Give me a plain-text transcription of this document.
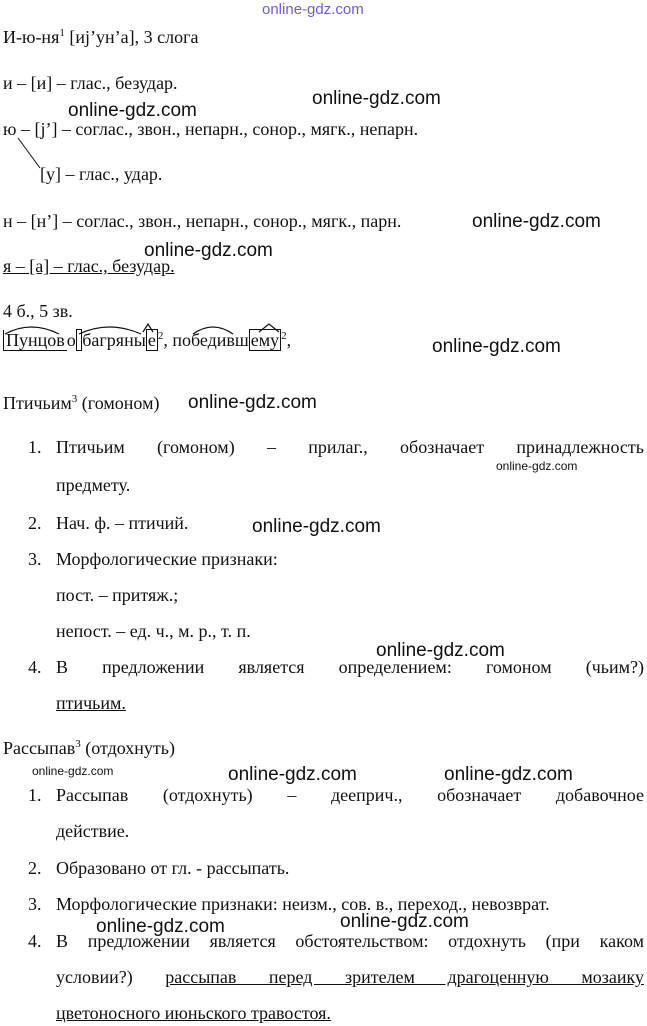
online-gdz.com
$И-ю-ня^1$ [иj’ун’а], 3 слога
и – [и] – глас., безудар.
ю – [j’] – соглас., звон., непарн., сонор., мягк., непарн.
[у] – глас., удар.
н – [н’] – соглас., звон., непарн., сонор., мягк., парн.
я – [а] – глас., безудар.
4 б., 5 зв.
Пунцов о багряны е $^2$, победивш ему $^2$,
Птичьим$^3$ (гомоном)
1. Птичьим (гомоном) – прилаг., обозначает принадлежность
предмету.
2. Нач. ф. – птичий.
3. Морфологические признаки:
пост. – притяж.;
непост. – ед. ч., м. р., т. п.
4. В предложении является определением: гомоном (чьим?)
птичьим.
Рассыпав$^3$ (отдохнуть)
1. Рассыпав (отдохнуть) – дееприч., обозначает добавочное
действие.
2. Образовано от гл. - рассыпать.
3. Морфологические признаки: неизм., сов. в., переход., невозврат.
4. В предложении является обстоятельством: отдохнуть (при каком
условии?) рассыпав перед зрителем драгоценную мозаику
цветоносного июньского травостоя.
online-gdz.com
online-gdz.com
online-gdz.com
online-gdz.com
online-gdz.com
online-gdz.com
online-gdz.com
online-gdz.com
online-gdz.com
online-gdz.com	online-gdz.com	online-gdz.com
online-gdz.com
online-gdz.com
